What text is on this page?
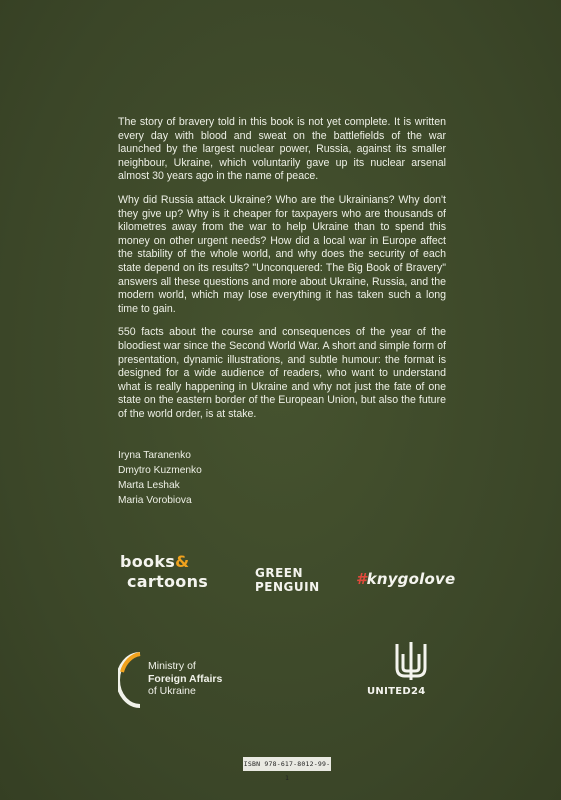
The story of bravery told in this book is not yet complete. It is written every day with blood and sweat on the battlefields of the war launched by the largest nuclear power, Russia, against its smaller neighbour, Ukraine, which voluntarily gave up its nuclear arsenal almost 30 years ago in the name of peace.

Why did Russia attack Ukraine? Who are the Ukrainians? Why don't they give up? Why is it cheaper for taxpayers who are thousands of kilometres away from the war to help Ukraine than to spend this money on other urgent needs? How did a local war in Europe affect the stability of the whole world, and why does the security of each state depend on its results? "Unconquered: The Big Book of Bravery" answers all these questions and more about Ukraine, Russia, and the modern world, which may lose everything it has taken such a long time to gain.

550 facts about the course and consequences of the year of the bloodiest war since the Second World War. A short and simple form of presentation, dynamic illustrations, and subtle humour: the format is designed for a wide audience of readers, who want to understand what is really happening in Ukraine and why not just the fate of one state on the eastern border of the European Union, but also the future of the world order, is at stake.

Iryna Taranenko
Dmytro Kuzmenko
Marta Leshak
Maria Vorobiova
books&
cartoons	GREEN
PENGUIN	#knygolove
Ministry of
Foreign Affairs
of Ukraine	UNITED24
ISBN 978-617-8012-99-1
